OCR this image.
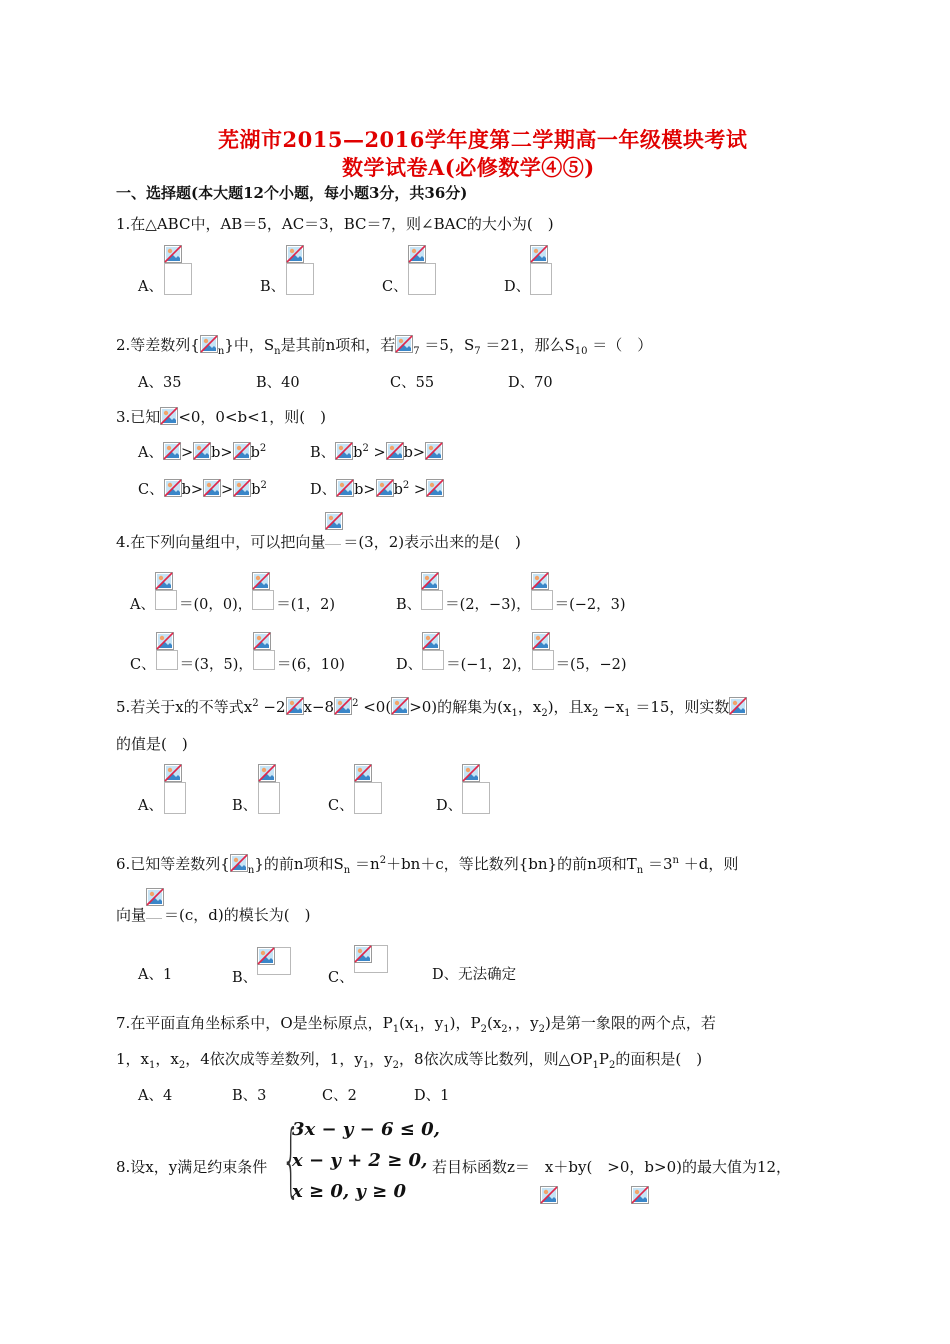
芜湖市2015—2016学年度第二学期高一年级模块考试
数学试卷A(必修数学④⑤)
一、选择题(本大题12个小题，每小题3分，共36分)
1.在△ABC中，AB＝5，AC＝3，BC＝7，则∠BAC的大小为(　)
A、	B、	C、	D、
2.等差数列{ $_n$}中，$S_n$是其前n项和，若 $_7$ ＝5，$S_7 =21$，那么$S_{10}$ ＝（　）
A、35	B、40	C、55	D、70
3.已知 <0，0<b<1，则(　)
A、 > $b> b^2$	B、 $b^2 > b>$
C、 $b> > b^2$	D、 $b> b^2$ >
4.在下列向量组中，可以把向量 ＝(3，2)表示出来的是(　)
A、 ＝(0，0)， ＝(1，2)	B、 ＝(2，−3)， ＝(−2，3)
C、 ＝(3，5)， ＝(6，10)	D、 ＝(−1，2)， ＝(5，−2)
5.若关于x的不等式$x^2 -2$ x−8 $^2$ <0( >0)的解集为($x_1$，$x_2$)，且$x_2 -x_1 =15$，则实数
的值是(　)
A、	B、	C、	D、
6.已知等差数列{ $_n$}的前n项和$S_n =n^2+bn+c$，等比数列{bn}的前n项和$T_n =3^n +d$，则
向量 ＝(c，d)的模长为(　)
A、1	B、	C、	D、无法确定
7.在平面直角坐标系中，O是坐标原点，$P_1(x_1$，$y_1$)，$P_2(x_2$，，$y_2$)是第一象限的两个点，若
1，$x_1$，$x_2$，4依次成等差数列，1，$y_1$，$y_2$，8依次成等比数列，则$\triangle OP_1P_2$的面积是(　)
A、4	B、3	C、2	D、1
8.设x，y满足约束条件 {
3x − y − 6 ≤ 0,
x − y + 2 ≥ 0,
x ≥ 0, y ≥ 0
若目标函数z＝　x＋by(　>0，b>0)的最大值为12，
